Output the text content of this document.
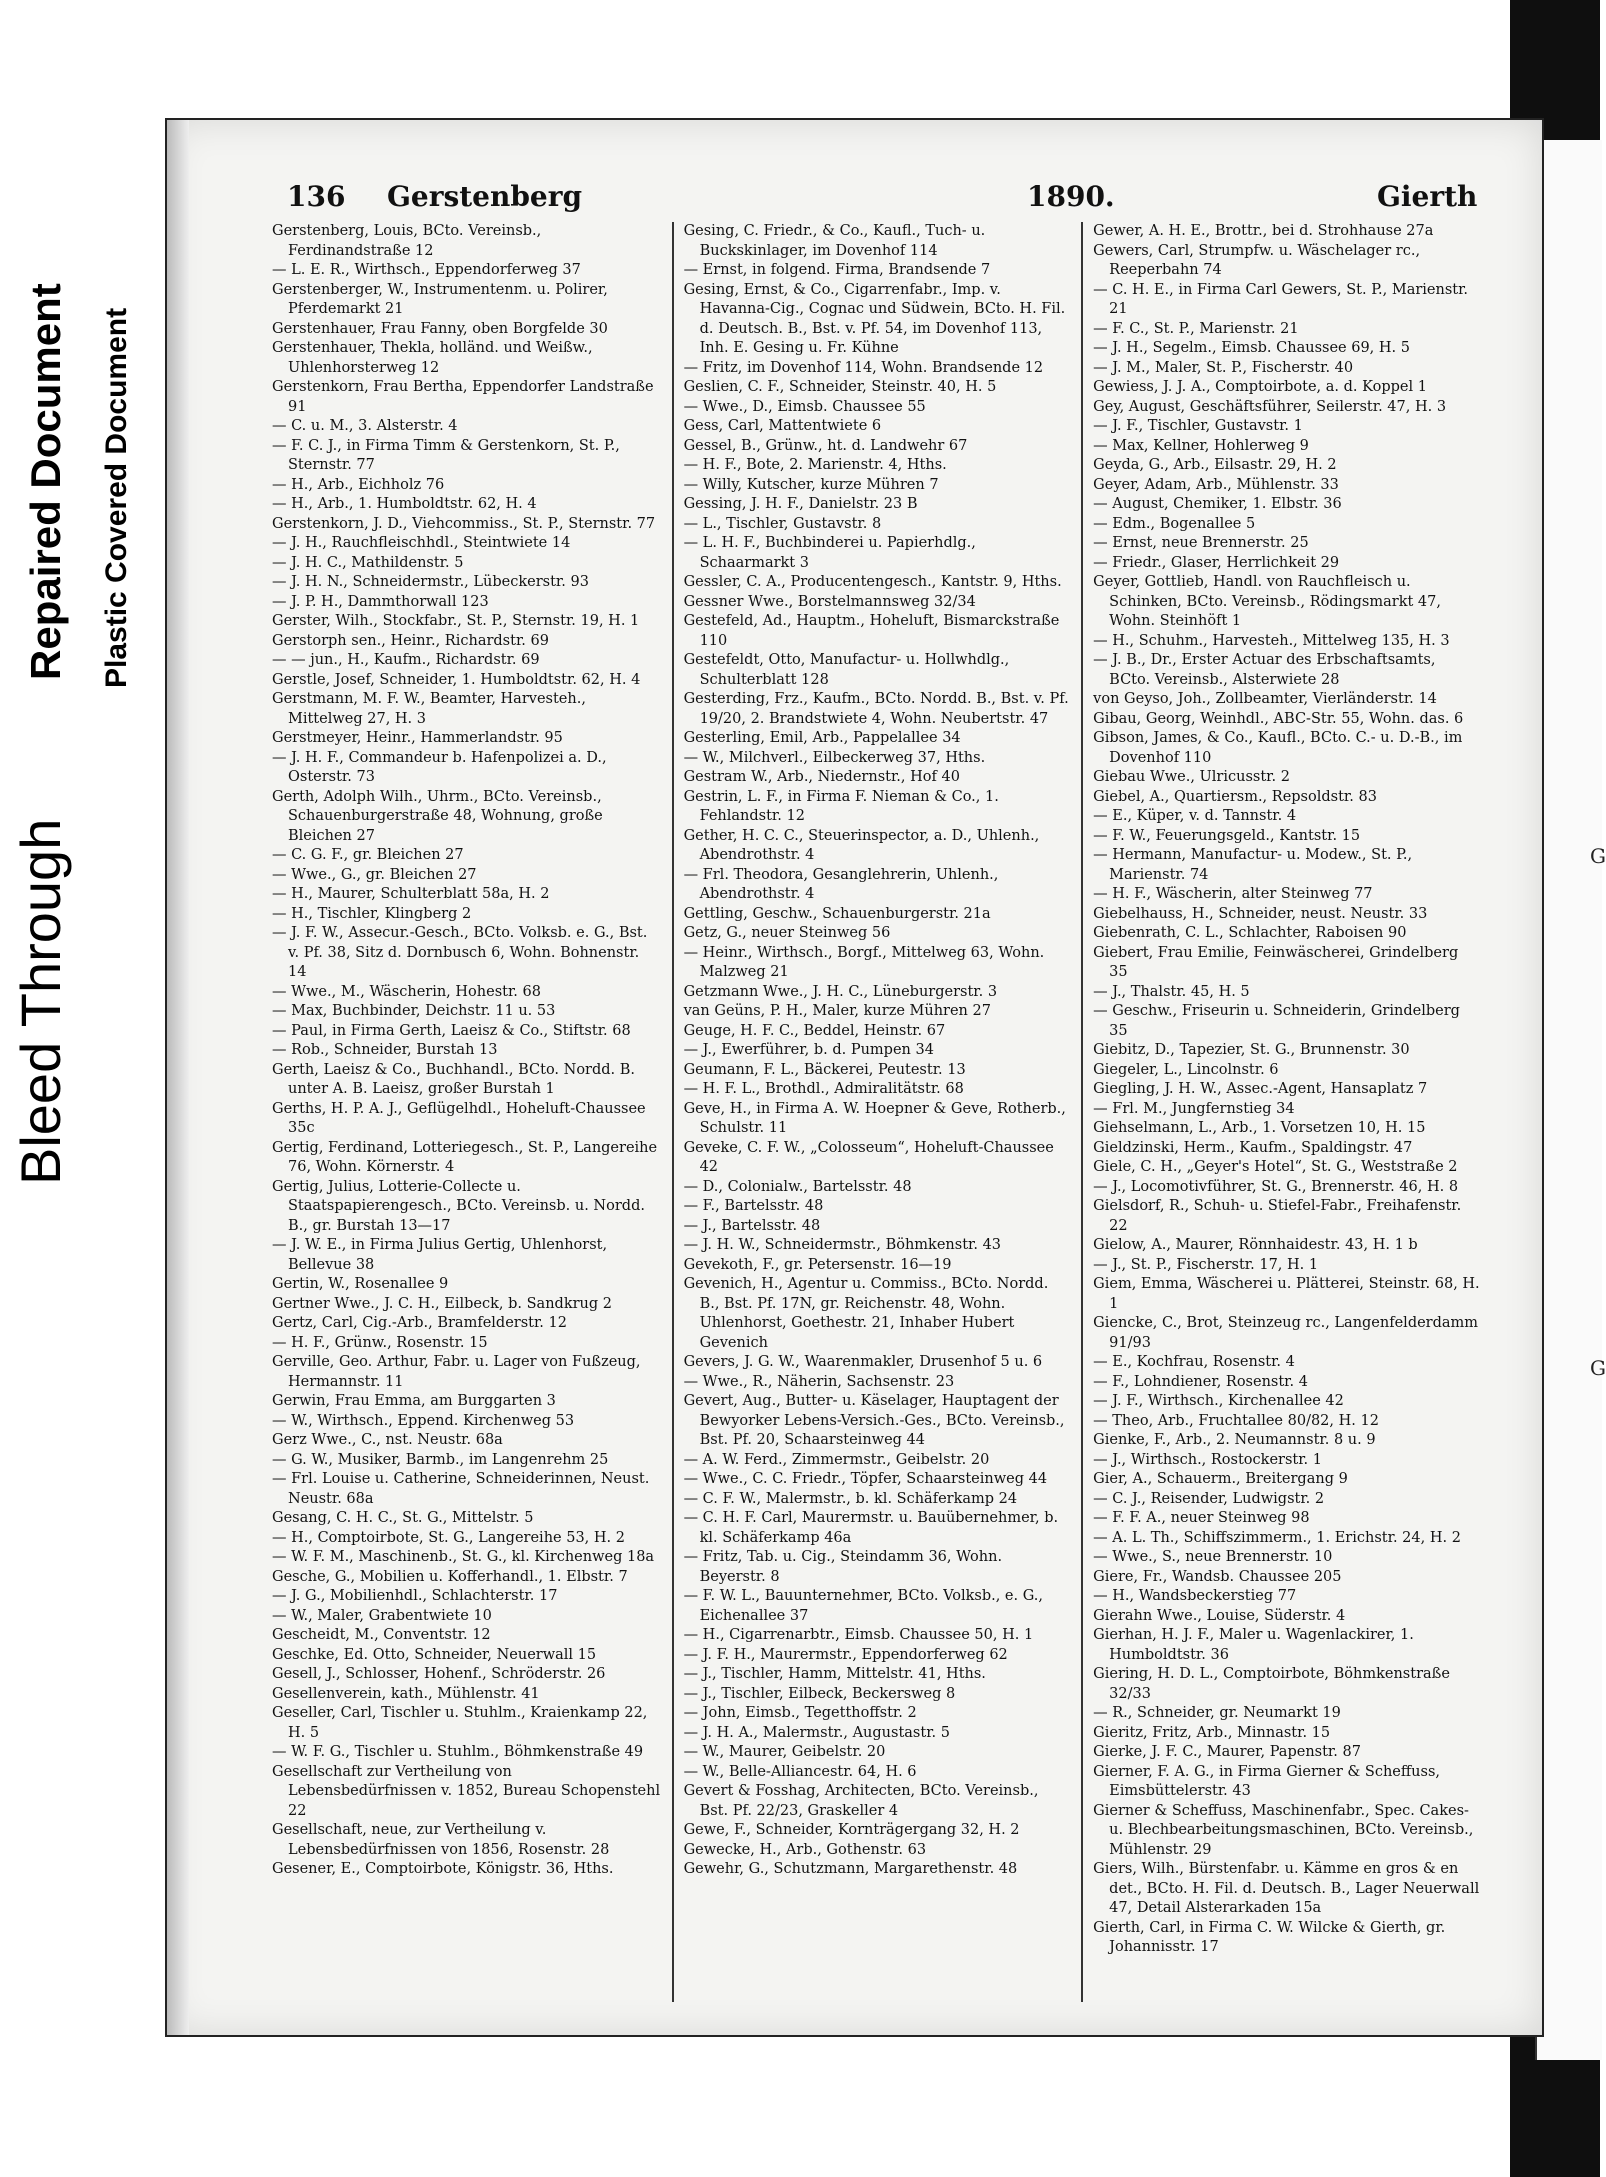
Bleed Through
Repaired Document Plastic Covered Document
G
G
136 Gerstenberg	1890.	Gierth
Gerstenberg, Louis, BCto. Vereinsb., Ferdinandstraße 12
— L. E. R., Wirthsch., Eppendorferweg 37
Gerstenberger, W., Instrumentenm. u. Polirer, Pferdemarkt 21
Gerstenhauer, Frau Fanny, oben Borgfelde 30
Gerstenhauer, Thekla, holländ. und Weißw., Uhlenhorsterweg 12
Gerstenkorn, Frau Bertha, Eppendorfer Landstraße 91
— C. u. M., 3. Alsterstr. 4
— F. C. J., in Firma Timm & Gerstenkorn, St. P., Sternstr. 77
— H., Arb., Eichholz 76
— H., Arb., 1. Humboldtstr. 62, H. 4
Gerstenkorn, J. D., Viehcommiss., St. P., Sternstr. 77
— J. H., Rauchfleischhdl., Steintwiete 14
— J. H. C., Mathildenstr. 5
— J. H. N., Schneidermstr., Lübeckerstr. 93
— J. P. H., Dammthorwall 123
Gerster, Wilh., Stockfabr., St. P., Sternstr. 19, H. 1
Gerstorph sen., Heinr., Richardstr. 69
— — jun., H., Kaufm., Richardstr. 69
Gerstle, Josef, Schneider, 1. Humboldtstr. 62, H. 4
Gerstmann, M. F. W., Beamter, Harvesteh., Mittelweg 27, H. 3
Gerstmeyer, Heinr., Hammerlandstr. 95
— J. H. F., Commandeur b. Hafenpolizei a. D., Osterstr. 73
Gerth, Adolph Wilh., Uhrm., BCto. Vereinsb., Schauenburgerstraße 48, Wohnung, große Bleichen 27
— C. G. F., gr. Bleichen 27
— Wwe., G., gr. Bleichen 27
— H., Maurer, Schulterblatt 58a, H. 2
— H., Tischler, Klingberg 2
— J. F. W., Assecur.-Gesch., BCto. Volksb. e. G., Bst. v. Pf. 38, Sitz d. Dornbusch 6, Wohn. Bohnenstr. 14
— Wwe., M., Wäscherin, Hohestr. 68
— Max, Buchbinder, Deichstr. 11 u. 53
— Paul, in Firma Gerth, Laeisz & Co., Stiftstr. 68
— Rob., Schneider, Burstah 13
Gerth, Laeisz & Co., Buchhandl., BCto. Nordd. B. unter A. B. Laeisz, großer Burstah 1
Gerths, H. P. A. J., Geflügelhdl., Hoheluft-Chaussee 35c
Gertig, Ferdinand, Lotteriegesch., St. P., Langereihe 76, Wohn. Körnerstr. 4
Gertig, Julius, Lotterie-Collecte u. Staatspapierengesch., BCto. Vereinsb. u. Nordd. B., gr. Burstah 13—17
— J. W. E., in Firma Julius Gertig, Uhlenhorst, Bellevue 38
Gertin, W., Rosenallee 9
Gertner Wwe., J. C. H., Eilbeck, b. Sandkrug 2
Gertz, Carl, Cig.-Arb., Bramfelderstr. 12
— H. F., Grünw., Rosenstr. 15
Gerville, Geo. Arthur, Fabr. u. Lager von Fußzeug, Hermannstr. 11
Gerwin, Frau Emma, am Burggarten 3
— W., Wirthsch., Eppend. Kirchenweg 53
Gerz Wwe., C., nst. Neustr. 68a
— G. W., Musiker, Barmb., im Langenrehm 25
— Frl. Louise u. Catherine, Schneiderinnen, Neust. Neustr. 68a
Gesang, C. H. C., St. G., Mittelstr. 5
— H., Comptoirbote, St. G., Langereihe 53, H. 2
— W. F. M., Maschinenb., St. G., kl. Kirchenweg 18a
Gesche, G., Mobilien u. Kofferhandl., 1. Elbstr. 7
— J. G., Mobilienhdl., Schlachterstr. 17
— W., Maler, Grabentwiete 10
Gescheidt, M., Conventstr. 12
Geschke, Ed. Otto, Schneider, Neuerwall 15
Gesell, J., Schlosser, Hohenf., Schröderstr. 26
Gesellenverein, kath., Mühlenstr. 41
Geseller, Carl, Tischler u. Stuhlm., Kraienkamp 22, H. 5
— W. F. G., Tischler u. Stuhlm., Böhmkenstraße 49
Gesellschaft zur Vertheilung von Lebensbedürfnissen v. 1852, Bureau Schopenstehl 22
Gesellschaft, neue, zur Vertheilung v. Lebensbedürfnissen von 1856, Rosenstr. 28
Gesener, E., Comptoirbote, Königstr. 36, Hths.
Gesing, C. Friedr., & Co., Kaufl., Tuch- u. Buckskinlager, im Dovenhof 114
— Ernst, in folgend. Firma, Brandsende 7
Gesing, Ernst, & Co., Cigarrenfabr., Imp. v. Havanna-Cig., Cognac und Südwein, BCto. H. Fil. d. Deutsch. B., Bst. v. Pf. 54, im Dovenhof 113, Inh. E. Gesing u. Fr. Kühne
— Fritz, im Dovenhof 114, Wohn. Brandsende 12
Geslien, C. F., Schneider, Steinstr. 40, H. 5
— Wwe., D., Eimsb. Chaussee 55
Gess, Carl, Mattentwiete 6
Gessel, B., Grünw., ht. d. Landwehr 67
— H. F., Bote, 2. Marienstr. 4, Hths.
— Willy, Kutscher, kurze Mühren 7
Gessing, J. H. F., Danielstr. 23 B
— L., Tischler, Gustavstr. 8
— L. H. F., Buchbinderei u. Papierhdlg., Schaarmarkt 3
Gessler, C. A., Producentengesch., Kantstr. 9, Hths.
Gessner Wwe., Borstelmannsweg 32/34
Gestefeld, Ad., Hauptm., Hoheluft, Bismarckstraße 110
Gestefeldt, Otto, Manufactur- u. Hollwhdlg., Schulterblatt 128
Gesterding, Frz., Kaufm., BCto. Nordd. B., Bst. v. Pf. 19/20, 2. Brandstwiete 4, Wohn. Neubertstr. 47
Gesterling, Emil, Arb., Pappelallee 34
— W., Milchverl., Eilbeckerweg 37, Hths.
Gestram W., Arb., Niedernstr., Hof 40
Gestrin, L. F., in Firma F. Nieman & Co., 1. Fehlandstr. 12
Gether, H. C. C., Steuerinspector, a. D., Uhlenh., Abendrothstr. 4
— Frl. Theodora, Gesanglehrerin, Uhlenh., Abendrothstr. 4
Gettling, Geschw., Schauenburgerstr. 21a
Getz, G., neuer Steinweg 56
— Heinr., Wirthsch., Borgf., Mittelweg 63, Wohn. Malzweg 21
Getzmann Wwe., J. H. C., Lüneburgerstr. 3
van Geüns, P. H., Maler, kurze Mühren 27
Geuge, H. F. C., Beddel, Heinstr. 67
— J., Ewerführer, b. d. Pumpen 34
Geumann, F. L., Bäckerei, Peutestr. 13
— H. F. L., Brothdl., Admiralitätstr. 68
Geve, H., in Firma A. W. Hoepner & Geve, Rotherb., Schulstr. 11
Geveke, C. F. W., „Colosseum“, Hoheluft-Chaussee 42
— D., Colonialw., Bartelsstr. 48
— F., Bartelsstr. 48
— J., Bartelsstr. 48
— J. H. W., Schneidermstr., Böhmkenstr. 43
Gevekoth, F., gr. Petersenstr. 16—19
Gevenich, H., Agentur u. Commiss., BCto. Nordd. B., Bst. Pf. 17N, gr. Reichenstr. 48, Wohn. Uhlenhorst, Goethestr. 21, Inhaber Hubert Gevenich
Gevers, J. G. W., Waarenmakler, Drusenhof 5 u. 6
— Wwe., R., Näherin, Sachsenstr. 23
Gevert, Aug., Butter- u. Käselager, Hauptagent der Bewyorker Lebens-Versich.-Ges., BCto. Vereinsb., Bst. Pf. 20, Schaarsteinweg 44
— A. W. Ferd., Zimmermstr., Geibelstr. 20
— Wwe., C. C. Friedr., Töpfer, Schaarsteinweg 44
— C. F. W., Malermstr., b. kl. Schäferkamp 24
— C. H. F. Carl, Maurermstr. u. Bauübernehmer, b. kl. Schäferkamp 46a
— Fritz, Tab. u. Cig., Steindamm 36, Wohn. Beyerstr. 8
— F. W. L., Bauunternehmer, BCto. Volksb., e. G., Eichenallee 37
— H., Cigarrenarbtr., Eimsb. Chaussee 50, H. 1
— J. F. H., Maurermstr., Eppendorferweg 62
— J., Tischler, Hamm, Mittelstr. 41, Hths.
— J., Tischler, Eilbeck, Beckersweg 8
— John, Eimsb., Tegetthoffstr. 2
— J. H. A., Malermstr., Augustastr. 5
— W., Maurer, Geibelstr. 20
— W., Belle-Alliancestr. 64, H. 6
Gevert & Fosshag, Architecten, BCto. Vereinsb., Bst. Pf. 22/23, Graskeller 4
Gewe, F., Schneider, Kornträgergang 32, H. 2
Gewecke, H., Arb., Gothenstr. 63
Gewehr, G., Schutzmann, Margarethenstr. 48
Gewer, A. H. E., Brottr., bei d. Strohhause 27a
Gewers, Carl, Strumpfw. u. Wäschelager rc., Reeperbahn 74
— C. H. E., in Firma Carl Gewers, St. P., Marienstr. 21
— F. C., St. P., Marienstr. 21
— J. H., Segelm., Eimsb. Chaussee 69, H. 5
— J. M., Maler, St. P., Fischerstr. 40
Gewiess, J. J. A., Comptoirbote, a. d. Koppel 1
Gey, August, Geschäftsführer, Seilerstr. 47, H. 3
— J. F., Tischler, Gustavstr. 1
— Max, Kellner, Hohlerweg 9
Geyda, G., Arb., Eilsastr. 29, H. 2
Geyer, Adam, Arb., Mühlenstr. 33
— August, Chemiker, 1. Elbstr. 36
— Edm., Bogenallee 5
— Ernst, neue Brennerstr. 25
— Friedr., Glaser, Herrlichkeit 29
Geyer, Gottlieb, Handl. von Rauchfleisch u. Schinken, BCto. Vereinsb., Rödingsmarkt 47, Wohn. Steinhöft 1
— H., Schuhm., Harvesteh., Mittelweg 135, H. 3
— J. B., Dr., Erster Actuar des Erbschaftsamts, BCto. Vereinsb., Alsterwiete 28
von Geyso, Joh., Zollbeamter, Vierländerstr. 14
Gibau, Georg, Weinhdl., ABC-Str. 55, Wohn. das. 6
Gibson, James, & Co., Kaufl., BCto. C.- u. D.-B., im Dovenhof 110
Giebau Wwe., Ulricusstr. 2
Giebel, A., Quartiersm., Repsoldstr. 83
— E., Küper, v. d. Tannstr. 4
— F. W., Feuerungsgeld., Kantstr. 15
— Hermann, Manufactur- u. Modew., St. P., Marienstr. 74
— H. F., Wäscherin, alter Steinweg 77
Giebelhauss, H., Schneider, neust. Neustr. 33
Giebenrath, C. L., Schlachter, Raboisen 90
Giebert, Frau Emilie, Feinwäscherei, Grindelberg 35
— J., Thalstr. 45, H. 5
— Geschw., Friseurin u. Schneiderin, Grindelberg 35
Giebitz, D., Tapezier, St. G., Brunnenstr. 30
Giegeler, L., Lincolnstr. 6
Giegling, J. H. W., Assec.-Agent, Hansaplatz 7
— Frl. M., Jungfernstieg 34
Giehselmann, L., Arb., 1. Vorsetzen 10, H. 15
Gieldzinski, Herm., Kaufm., Spaldingstr. 47
Giele, C. H., „Geyer's Hotel“, St. G., Weststraße 2
— J., Locomotivführer, St. G., Brennerstr. 46, H. 8
Gielsdorf, R., Schuh- u. Stiefel-Fabr., Freihafenstr. 22
Gielow, A., Maurer, Rönnhaidestr. 43, H. 1 b
— J., St. P., Fischerstr. 17, H. 1
Giem, Emma, Wäscherei u. Plätterei, Steinstr. 68, H. 1
Giencke, C., Brot, Steinzeug rc., Langenfelderdamm 91/93
— E., Kochfrau, Rosenstr. 4
— F., Lohndiener, Rosenstr. 4
— J. F., Wirthsch., Kirchenallee 42
— Theo, Arb., Fruchtallee 80/82, H. 12
Gienke, F., Arb., 2. Neumannstr. 8 u. 9
— J., Wirthsch., Rostockerstr. 1
Gier, A., Schauerm., Breitergang 9
— C. J., Reisender, Ludwigstr. 2
— F. F. A., neuer Steinweg 98
— A. L. Th., Schiffszimmerm., 1. Erichstr. 24, H. 2
— Wwe., S., neue Brennerstr. 10
Giere, Fr., Wandsb. Chaussee 205
— H., Wandsbeckerstieg 77
Gierahn Wwe., Louise, Süderstr. 4
Gierhan, H. J. F., Maler u. Wagenlackirer, 1. Humboldtstr. 36
Giering, H. D. L., Comptoirbote, Böhmkenstraße 32/33
— R., Schneider, gr. Neumarkt 19
Gieritz, Fritz, Arb., Minnastr. 15
Gierke, J. F. C., Maurer, Papenstr. 87
Gierner, F. A. G., in Firma Gierner & Scheffuss, Eimsbüttelerstr. 43
Gierner & Scheffuss, Maschinenfabr., Spec. Cakes- u. Blechbearbeitungsmaschinen, BCto. Vereinsb., Mühlenstr. 29
Giers, Wilh., Bürstenfabr. u. Kämme en gros & en det., BCto. H. Fil. d. Deutsch. B., Lager Neuerwall 47, Detail Alsterarkaden 15a
Gierth, Carl, in Firma C. W. Wilcke & Gierth, gr. Johannisstr. 17
